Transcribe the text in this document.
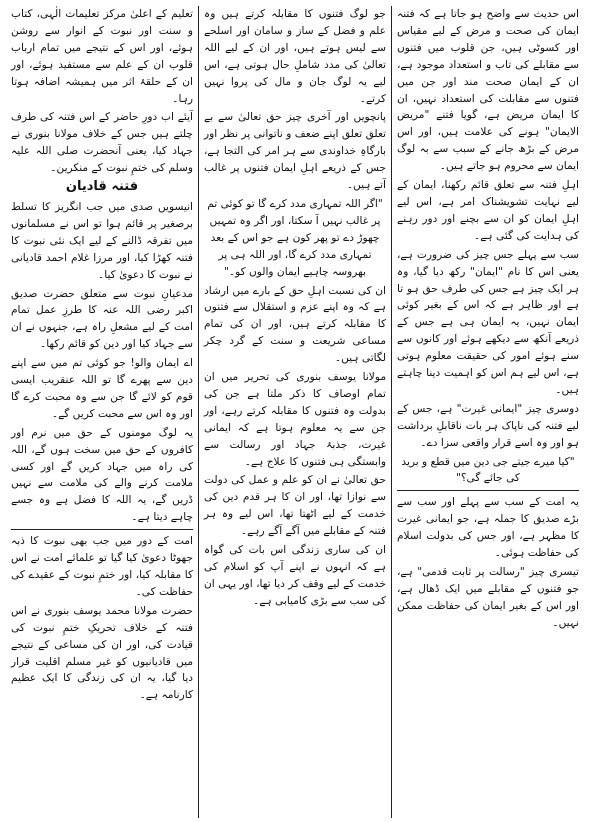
اس حدیث سے واضح ہو جاتا ہے کہ فتنہ ایمان کی صحت و مرض کے لیے مقیاس اور کسوٹی ہیں، جن قلوب میں فتنوں سے مقابلے کی تاب و استعداد موجود ہے، ان کے ایمان صحت مند اور جن میں فتنوں سے مقابلت کی استعداد نہیں، ان کا ایمان مریض ہے، گویا فتنے "مریض الایمان" ہونے کی علامت ہیں، اور اس مرض کے بڑھ جانے کے سبب سے بہ لوگ ایمان سے محروم ہو جاتے ہیں۔

اہلِ فتنہ سے تعلق قائم رکھنا، ایمان کے لیے نہایت تشویشناک امر ہے، اس لیے اہلِ ایمان کو ان سے بچنے اور دور رہنے کی ہدایت کی گئی ہے۔

سب سے پہلے جس چیز کی ضرورت ہے، یعنی اس کا نام "ایمان" رکھ دیا گیا، وہ ہر ایک چیز ہے جس کی طرف حق ہو تا ہے اور ظاہر ہے کہ اس کے بغیر کوئی ایمان نہیں، یہ ایمان ہی ہے جس کے ذریعے آنکھ سے دیکھے ہوئے اور کانوں سے سنے ہوئے امور کی حقیقت معلوم ہوتی ہے، اس لیے ہم اس کو اہمیت دینا چاہتے ہیں۔

دوسری چیز "ایمانی غیرت" ہے، جس کے لیے فتنہ کی ناپاک ہر بات ناقابلِ برداشت ہو اور وہ اسے قرار واقعی سزا دے۔

"کیا میرے جیتے جی دین میں قطع و برید کی جائے گی؟"

یہ امت کے سب سے پہلے اور سب سے بڑے صدیق کا جملہ ہے، جو ایمانی غیرت کا مظہر ہے، اور جس کی بدولت اسلام کی حفاظت ہوئی۔

تیسری چیز "رسالت پر ثابت قدمی" ہے، جو فتنوں کے مقابلے میں ایک ڈھال ہے، اور اس کے بغیر ایمان کی حفاظت ممکن نہیں۔

جو لوگ فتنوں کا مقابلہ کرتے ہیں وہ علم و فضل کے ساز و سامان اور اسلحے سے لیس ہوتے ہیں، اور ان کے لیے اللہ تعالیٰ کی مدد شاملِ حال ہوتی ہے، اس لیے یہ لوگ جان و مال کی پروا نہیں کرتے۔

پانچویں اور آخری چیز حق تعالیٰ سے بے تعلق تعلق اپنے ضعف و ناتوانی پر نظر اور بارگاہِ خداوندی سے ہر امر کی التجا ہے، جس کے ذریعے اہلِ ایمان فتنوں پر غالب آتے ہیں۔

"اگر اللہ تمہاری مدد کرے گا تو کوئی تم پر غالب نہیں آ سکتا، اور اگر وہ تمہیں چھوڑ دے تو پھر کون ہے جو اس کے بعد تمہاری مدد کرے گا، اور اللہ ہی پر بھروسہ چاہیے ایمان والوں کو۔"

ان کی نسبت اہلِ حق کے بارے میں ارشاد ہے کہ وہ اپنے عزم و استقلال سے فتنوں کا مقابلہ کرتے ہیں، اور ان کی تمام مساعی شریعت و سنت کے گرد چکر لگاتی ہیں۔

مولانا یوسف بنوری کی تحریر میں ان تمام اوصاف کا ذکر ملتا ہے جن کی بدولت وہ فتنوں کا مقابلہ کرتے رہے، اور جن سے یہ معلوم ہوتا ہے کہ ایمانی غیرت، جذبۂ جہاد اور رسالت سے وابستگی ہی فتنوں کا علاج ہے۔

حق تعالیٰ نے ان کو علم و عمل کی دولت سے نوازا تھا، اور ان کا ہر قدم دین کی خدمت کے لیے اٹھتا تھا، اس لیے وہ ہر فتنہ کے مقابلے میں آگے آگے رہے۔

ان کی ساری زندگی اس بات کی گواہ ہے کہ انہوں نے اپنے آپ کو اسلام کی خدمت کے لیے وقف کر دیا تھا، اور یہی ان کی سب سے بڑی کامیابی ہے۔

تعلیم کے اعلیٰ مرکز تعلیمات الٰہی، کتاب و سنت اور نبوت کے انوار سے روشن ہوئے، اور اس کے نتیجے میں تمام ارباب قلوب ان کے علم سے مستفید ہوئے، اور ان کے حلقۂ اثر میں ہمیشہ اضافہ ہوتا رہا۔

آیئے اب دورِ حاضر کے اس فتنہ کی طرف چلتے ہیں جس کے خلاف مولانا بنوری نے جہاد کیا، یعنی آنحضرت صلی اللہ علیہ وسلم کی ختمِ نبوت کے منکرین۔

فتنہ قادیان

انیسویں صدی میں جب انگریز کا تسلط برصغیر پر قائم ہوا تو اس نے مسلمانوں میں تفرقہ ڈالنے کے لیے ایک نئی نبوت کا فتنہ کھڑا کیا، اور مرزا غلام احمد قادیانی نے نبوت کا دعویٰ کیا۔

مدعیانِ نبوت سے متعلق حضرت صدیق اکبر رضی اللہ عنہ کا طرزِ عمل تمام امت کے لیے مشعلِ راہ ہے، جنہوں نے ان سے جہاد کیا اور دین کو قائم رکھا۔

اے ایمان والو! جو کوئی تم میں سے اپنے دین سے پھرے گا تو اللہ عنقریب ایسی قوم کو لائے گا جن سے وہ محبت کرے گا اور وہ اس سے محبت کریں گے۔

یہ لوگ مومنوں کے حق میں نرم اور کافروں کے حق میں سخت ہوں گے، اللہ کی راہ میں جہاد کریں گے اور کسی ملامت کرنے والے کی ملامت سے نہیں ڈریں گے، یہ اللہ کا فضل ہے وہ جسے چاہے دیتا ہے۔

امت کے دور میں جب بھی نبوت کا ذبہ جھوٹا دعویٰ کیا گیا تو علمائے امت نے اس کا مقابلہ کیا، اور ختمِ نبوت کے عقیدے کی حفاظت کی۔

حضرت مولانا محمد یوسف بنوری نے اس فتنہ کے خلاف تحریکِ ختمِ نبوت کی قیادت کی، اور ان کی مساعی کے نتیجے میں قادیانیوں کو غیر مسلم اقلیت قرار دیا گیا، یہ ان کی زندگی کا ایک عظیم کارنامہ ہے۔
